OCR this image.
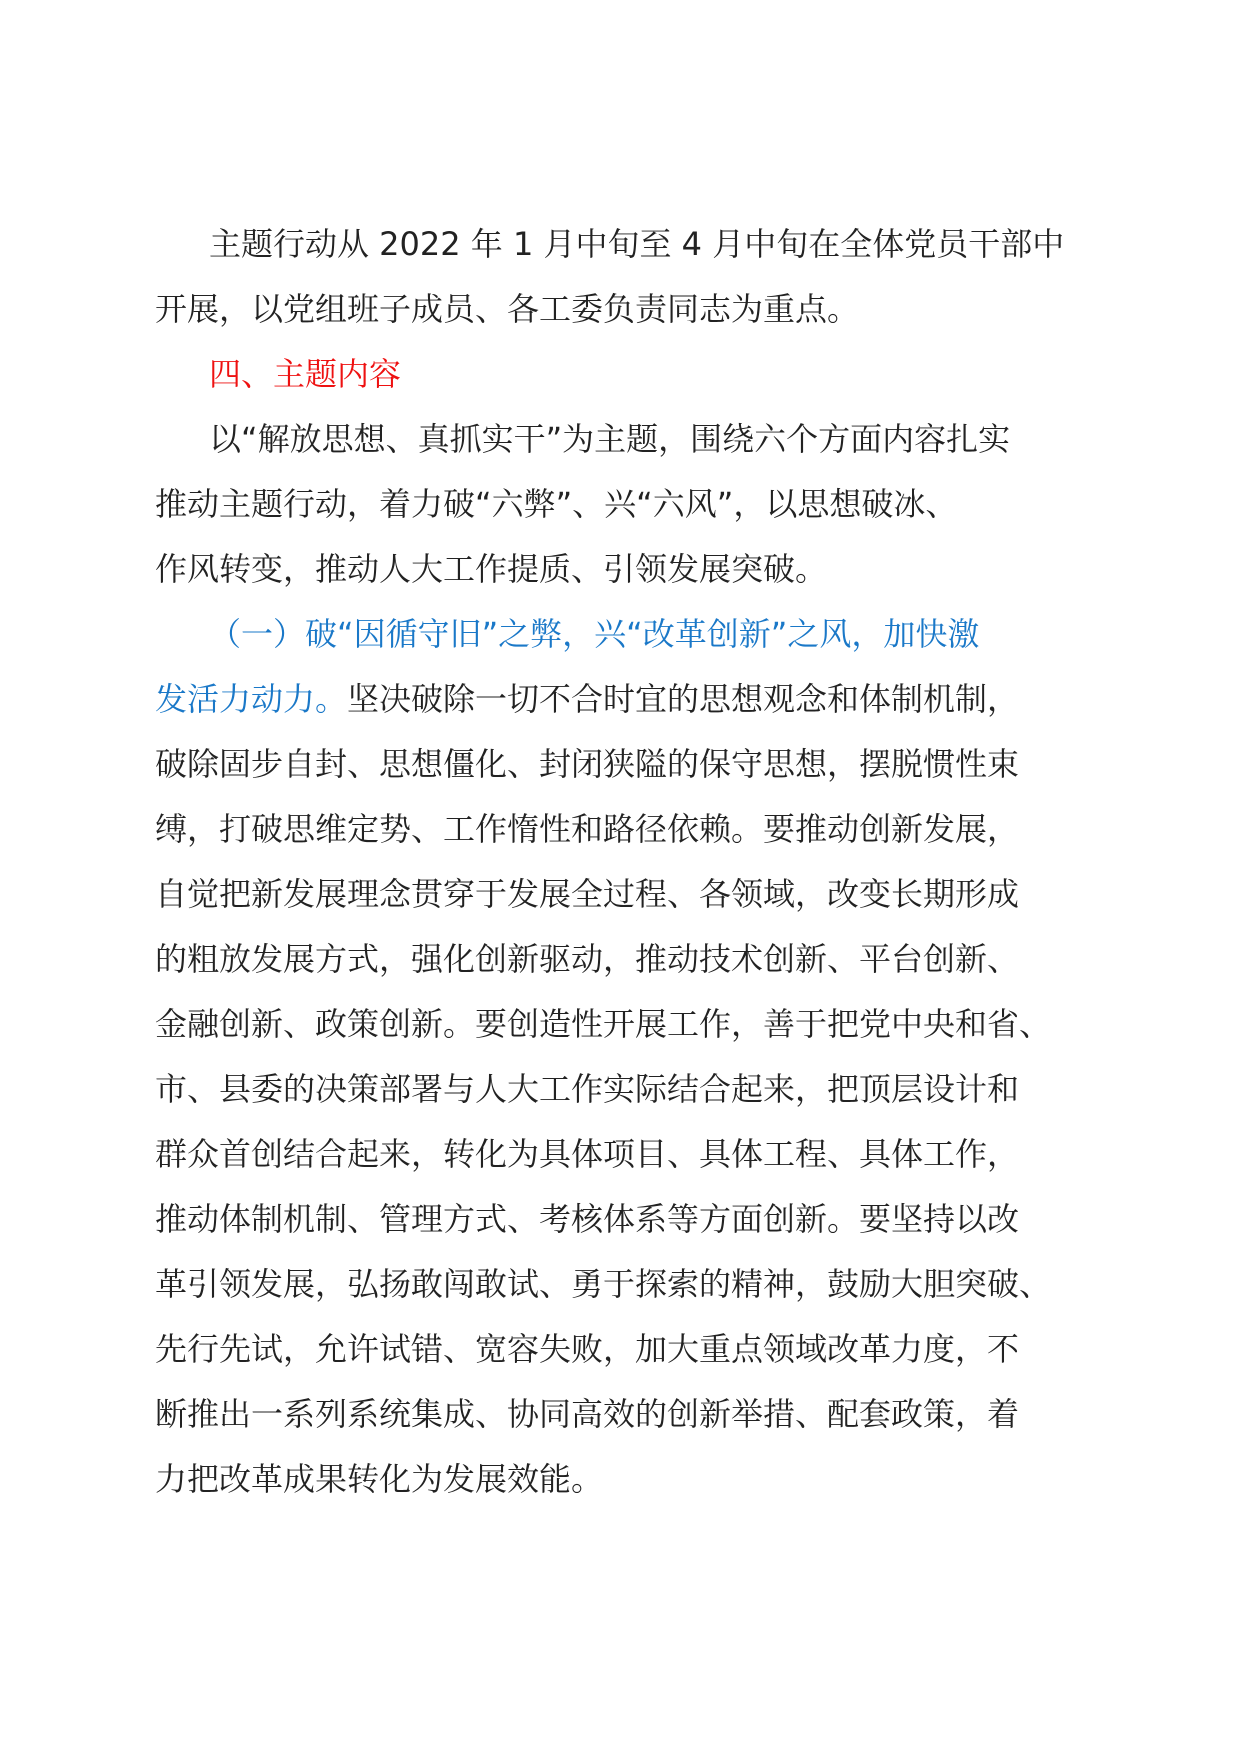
主题行动从 2022 年 1 月中旬至 4 月中旬在全体党员干部中
开展，以党组班子成员、各工委负责同志为重点。
四、主题内容
以“解放思想、真抓实干”为主题，围绕六个方面内容扎实
推动主题行动，着力破“六弊”、兴“六风”，以思想破冰、
作风转变，推动人大工作提质、引领发展突破。
（一）破“因循守旧”之弊，兴“改革创新”之风，加快激
发活力动力。坚决破除一切不合时宜的思想观念和体制机制，
破除固步自封、思想僵化、封闭狭隘的保守思想，摆脱惯性束
缚，打破思维定势、工作惰性和路径依赖。要推动创新发展，
自觉把新发展理念贯穿于发展全过程、各领域，改变长期形成
的粗放发展方式，强化创新驱动，推动技术创新、平台创新、
金融创新、政策创新。要创造性开展工作，善于把党中央和省、
市、县委的决策部署与人大工作实际结合起来，把顶层设计和
群众首创结合起来，转化为具体项目、具体工程、具体工作，
推动体制机制、管理方式、考核体系等方面创新。要坚持以改
革引领发展，弘扬敢闯敢试、勇于探索的精神，鼓励大胆突破、
先行先试，允许试错、宽容失败，加大重点领域改革力度，不
断推出一系列系统集成、协同高效的创新举措、配套政策，着
力把改革成果转化为发展效能。
